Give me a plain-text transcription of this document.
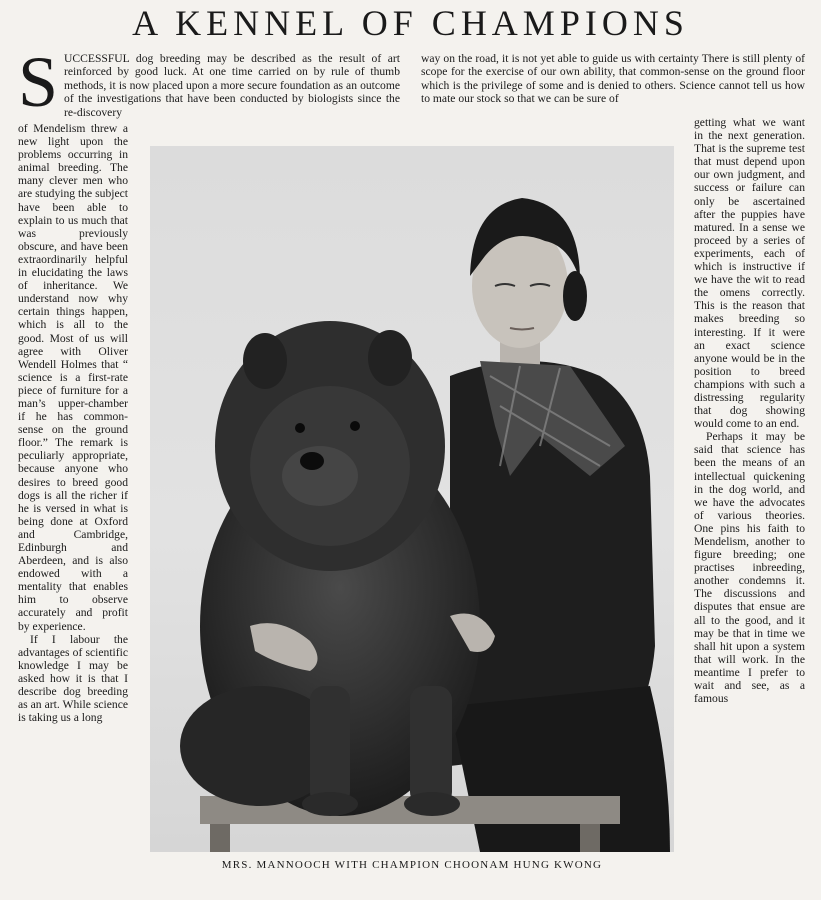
A KENNEL OF CHAMPIONS
S UCCESSFUL dog breeding may be described as the result of art reinforced by good luck. At one time carried on by rule of thumb methods, it is now placed upon a more secure foundation as an outcome of the investigations that have been conducted by biologists since the re-discovery
way on the road, it is not yet able to guide us with certainty There is still plenty of scope for the exercise of our own ability, that common-sense on the ground floor which is the privilege of some and is denied to others. Science cannot tell us how to mate our stock so that we can be sure of

of Mendelism threw a new light upon the problems occurring in animal breeding. The many clever men who are studying the subject have been able to explain to us much that was previously obscure, and have been extraordinarily helpful in elucidating the laws of inheritance. We understand now why certain things happen, which is all to the good. Most of us will agree with Oliver Wendell Holmes that “ science is a first-rate piece of furniture for a man’s upper-chamber if he has common-sense on the ground floor.” The remark is peculiarly appropriate, because anyone who desires to breed good dogs is all the richer if he is versed in what is being done at Oxford and Cambridge, Edinburgh and Aberdeen, and is also endowed with a mentality that enables him to observe accurately and profit by experience.

If I labour the advantages of scientific knowledge I may be asked how it is that I describe dog breeding as an art. While science is taking us a long

MRS. MANNOOCH WITH CHAMPION CHOONAM HUNG KWONG

getting what we want in the next generation. That is the supreme test that must depend upon our own judgment, and success or failure can only be ascertained after the puppies have matured. In a sense we proceed by a series of experiments, each of which is instructive if we have the wit to read the omens correctly. This is the reason that makes breeding so interesting. If it were an exact science anyone would be in the position to breed champions with such a distressing regularity that dog showing would come to an end.

Perhaps it may be said that science has been the means of an intellectual quickening in the dog world, and we have the advocates of various theories. One pins his faith to Mendelism, another to figure breeding; one practises inbreeding, another condemns it. The discussions and disputes that ensue are all to the good, and it may be that in time we shall hit upon a system that will work. In the meantime I prefer to wait and see, as a famous
